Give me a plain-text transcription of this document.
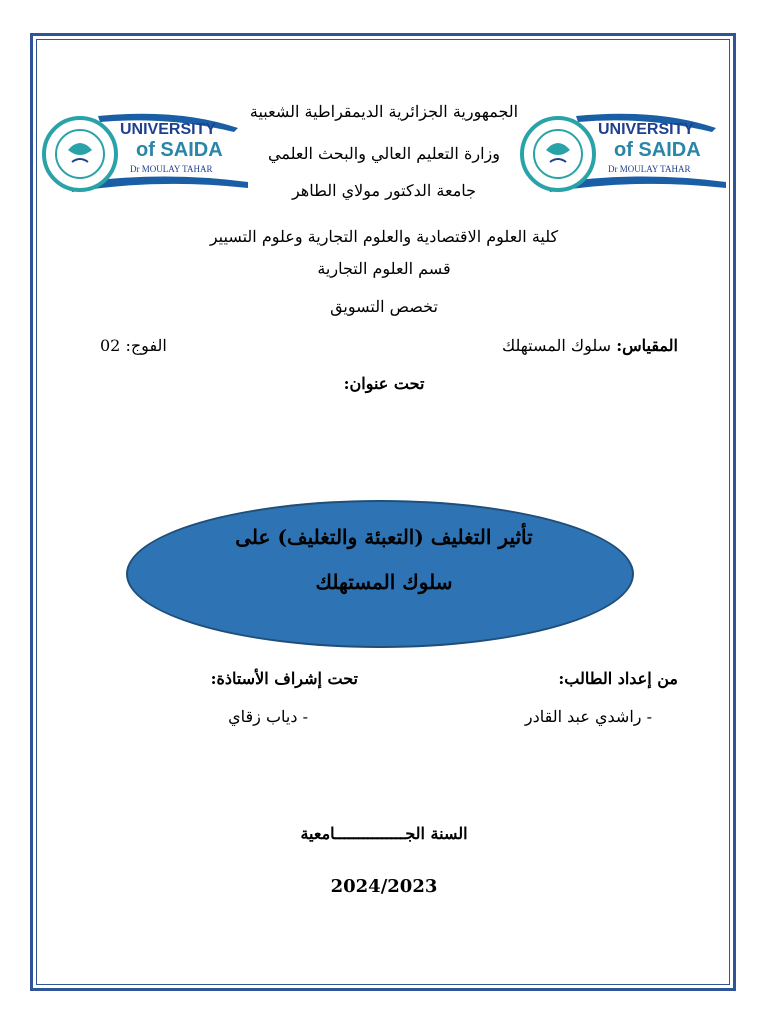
UNIVERSITY
of SAIDA
Dr MOULAY TAHAR
UNIVERSITY
of SAIDA
Dr MOULAY TAHAR
الجمهورية الجزائرية الديمقراطية الشعبية
وزارة التعليم العالي والبحث العلمي
جامعة الدكتور مولاي الطاهر
كلية العلوم الاقتصادية والعلوم التجارية وعلوم التسيير
قسم العلوم التجارية
تخصص التسويق
المقياس: سلوك المستهلك
الفوج: 02
تحت عنوان:
تأثير التغليف (التعبئة والتغليف) على
سلوك المستهلك
من إعداد الطالب:
- راشدي عبد القادر
تحت إشراف الأستاذة:
- دياب زقاي
السنة الجـــــــــــــــامعية
2024/2023
